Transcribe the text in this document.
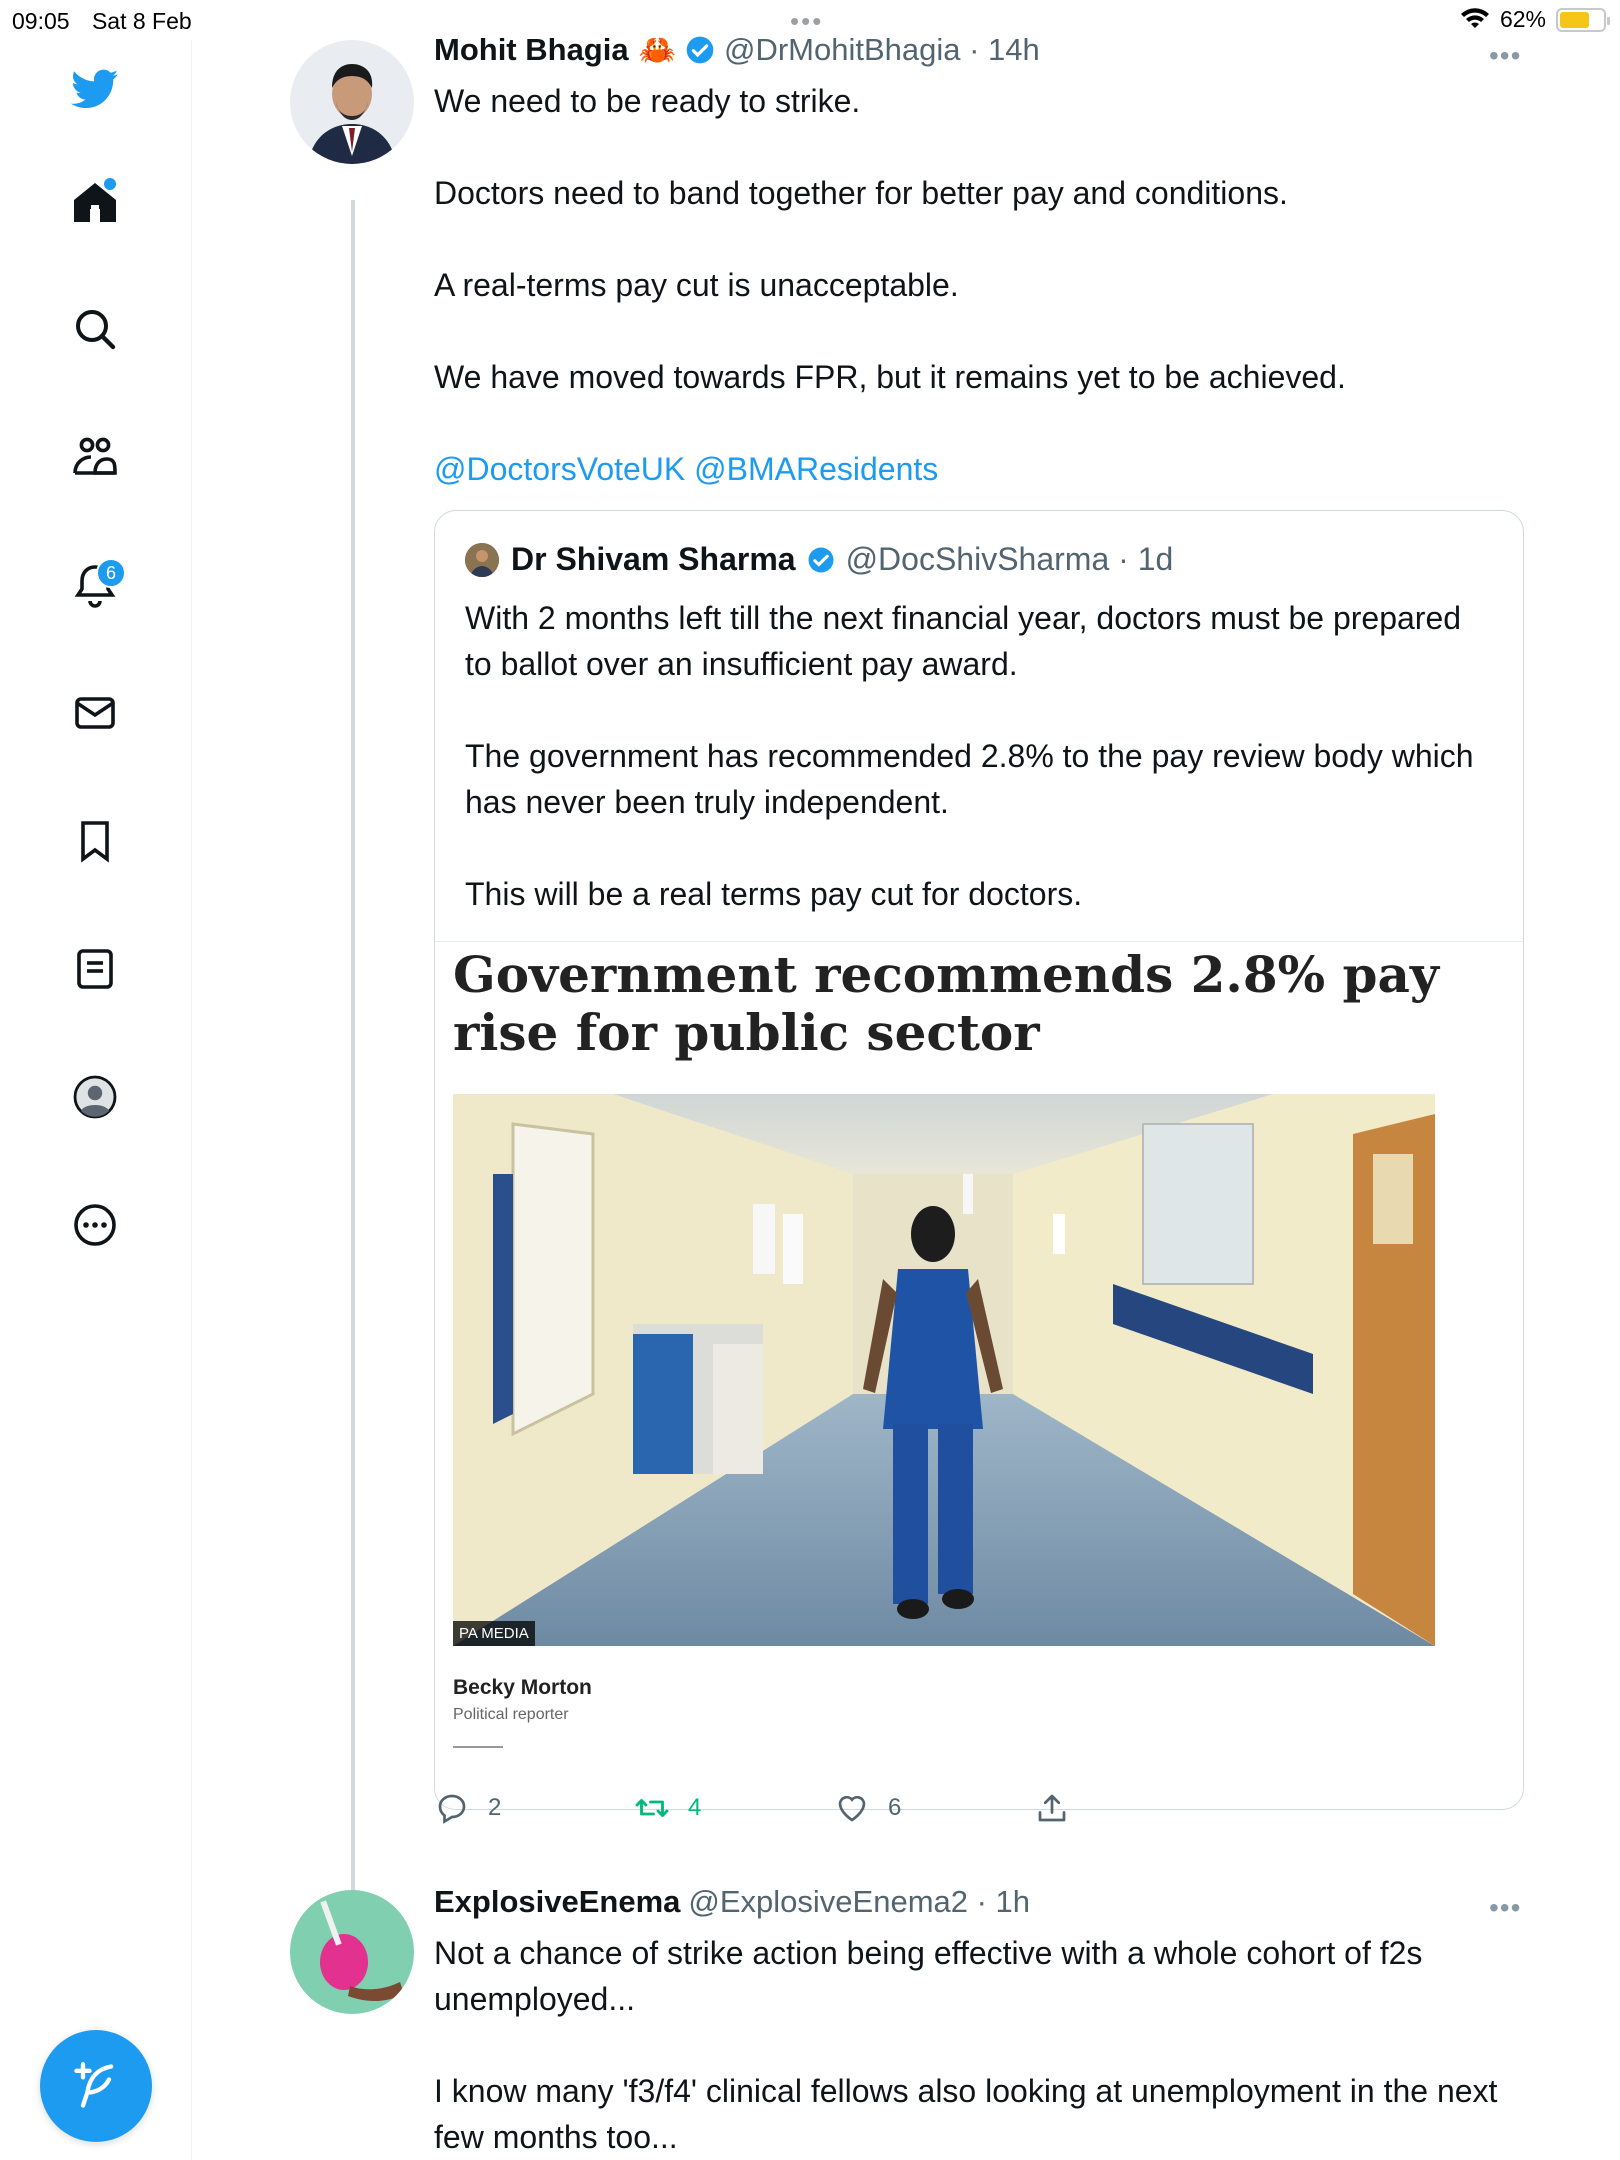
09:05 Sat 8 Feb	•••	62%
6
Mohit Bhagia 🦀 @DrMohitBhagia · 14h	•••

We need to be ready to strike.

Doctors need to band together for better pay and conditions.

A real-terms pay cut is unacceptable.

We have moved towards FPR, but it remains yet to be achieved.

@DoctorsVoteUK @BMAResidents

Dr Shivam Sharma @DocShivSharma · 1d

With 2 months left till the next financial year, doctors must be prepared to ballot over an insufficient pay award.

The government has recommended 2.8% to the pay review body which has never been truly independent.

This will be a real terms pay cut for doctors.

Government recommends 2.8% pay rise for public sector
PA MEDIA
Becky Morton
Political reporter
2	4	6
ExplosiveEnema @ExplosiveEnema2 · 1h	•••

Not a chance of strike action being effective with a whole cohort of f2s unemployed...

I know many 'f3/f4' clinical fellows also looking at unemployment in the next few months too...
